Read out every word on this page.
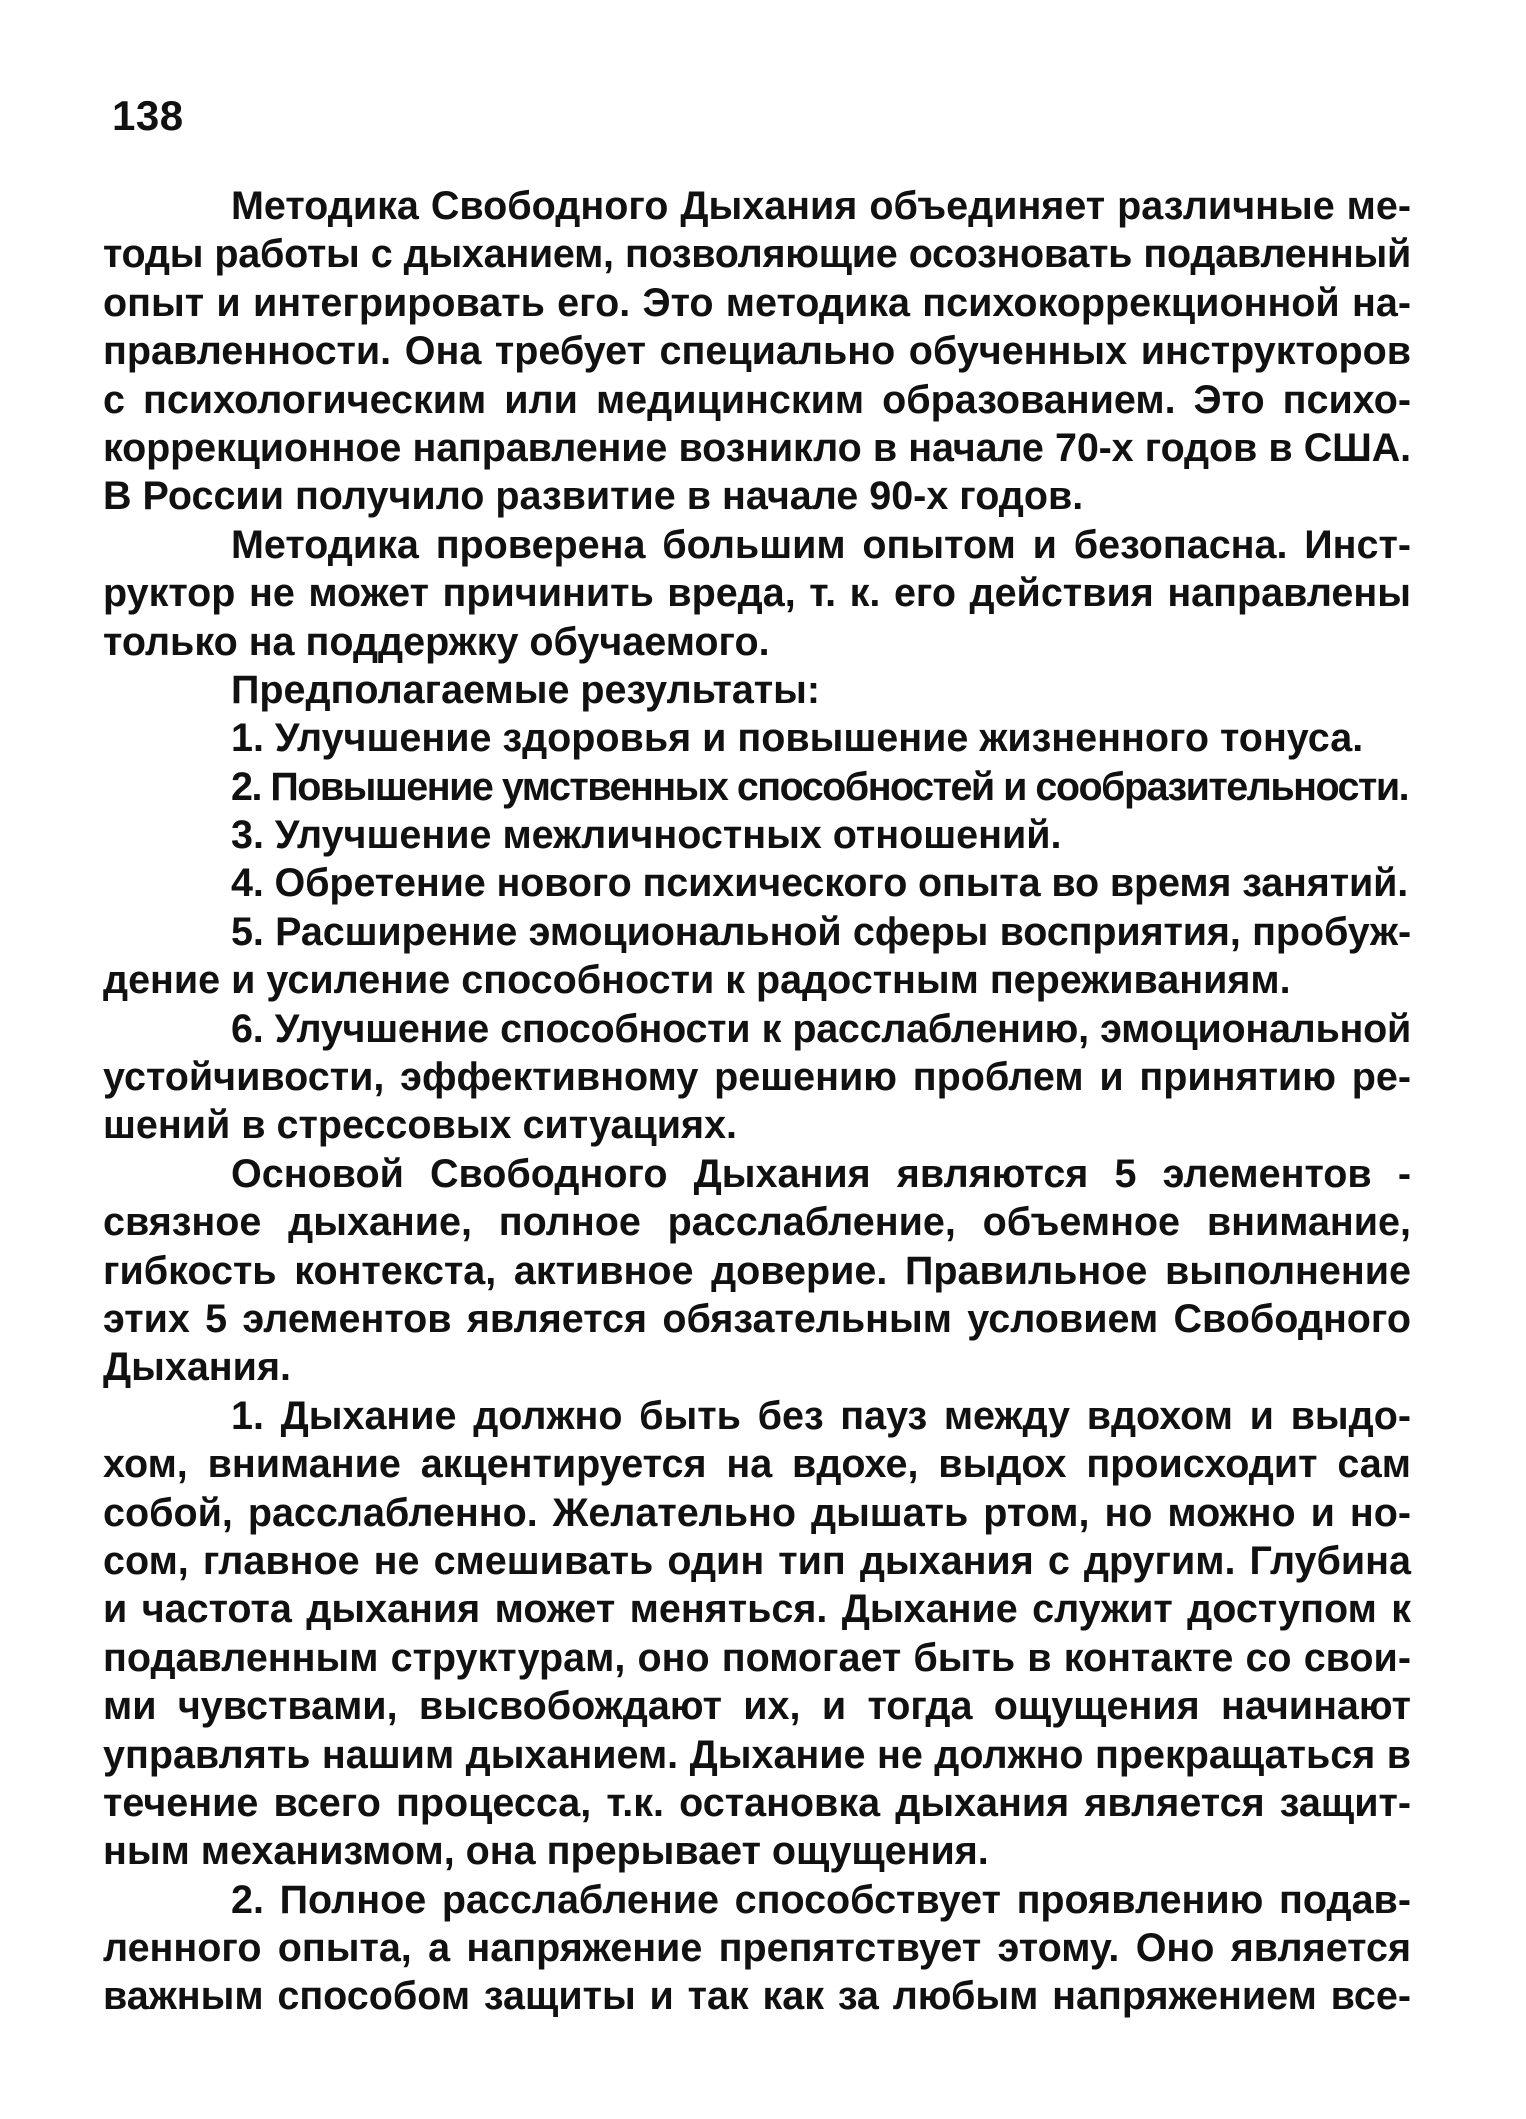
138
Методика Свободного Дыхания объединяет различные ме-
тоды работы с дыханием, позволяющие осозновать подавленный
опыт и интегрировать его. Это методика психокоррекционной на-
правленности. Она требует специально обученных инструкторов
с психологическим или медицинским образованием. Это психо-
коррекционное направление возникло в начале 70-х годов в США.
В России получило развитие в начале 90-х годов.
Методика проверена большим опытом и безопасна. Инст-
руктор не может причинить вреда, т. к. его действия направлены
только на поддержку обучаемого.
Предполагаемые результаты:
1. Улучшение здоровья и повышение жизненного тонуса.
2. Повышение умственных способностей и сообразительности.
3. Улучшение межличностных отношений.
4. Обретение нового психического опыта во время занятий.
5. Расширение эмоциональной сферы восприятия, пробуж-
дение и усиление способности к радостным переживаниям.
6. Улучшение способности к расслаблению, эмоциональной
устойчивости, эффективному решению проблем и принятию ре-
шений в стрессовых ситуациях.
Основой Свободного Дыхания являются 5 элементов -
связное дыхание, полное расслабление, объемное внимание,
гибкость контекста, активное доверие. Правильное выполнение
этих 5 элементов является обязательным условием Свободного
Дыхания.
1. Дыхание должно быть без пауз между вдохом и выдо-
хом, внимание акцентируется на вдохе, выдох происходит сам
собой, расслабленно. Желательно дышать ртом, но можно и но-
сом, главное не смешивать один тип дыхания с другим. Глубина
и частота дыхания может меняться. Дыхание служит доступом к
подавленным структурам, оно помогает быть в контакте со свои-
ми чувствами, высвобождают их, и тогда ощущения начинают
управлять нашим дыханием. Дыхание не должно прекращаться в
течение всего процесса, т.к. остановка дыхания является защит-
ным механизмом, она прерывает ощущения.
2. Полное расслабление способствует проявлению подав-
ленного опыта, а напряжение препятствует этому. Оно является
важным способом защиты и так как за любым напряжением все-
